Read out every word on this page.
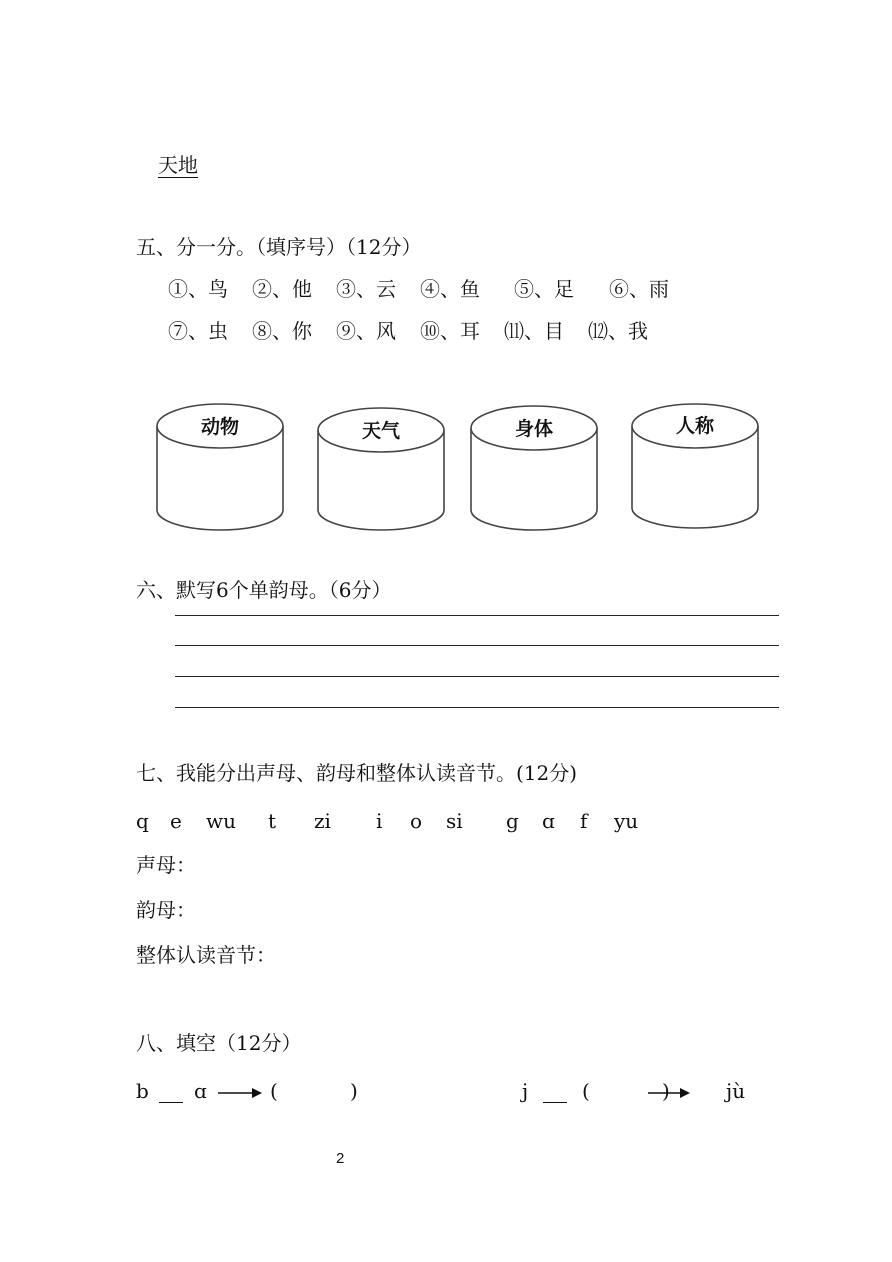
天地
五、分一分。（填序号）（12分）
①、鸟 ②、他 ③、云 ④、鱼 ⑤、足 ⑥、雨
⑦、虫 ⑧、你 ⑨、风 ⑩、耳 ⑾、目 ⑿、我
动物	天气	身体	人称
六、默写6个单韵母。（6分）
七、我能分出声母、韵母和整体认读音节。(12分)
q e wu t zi i o si g ɑ f yu
声母：
韵母：
整体认读音节：
八、填空（12分）
b ɑ	(	)	j	(	)	jù
2
